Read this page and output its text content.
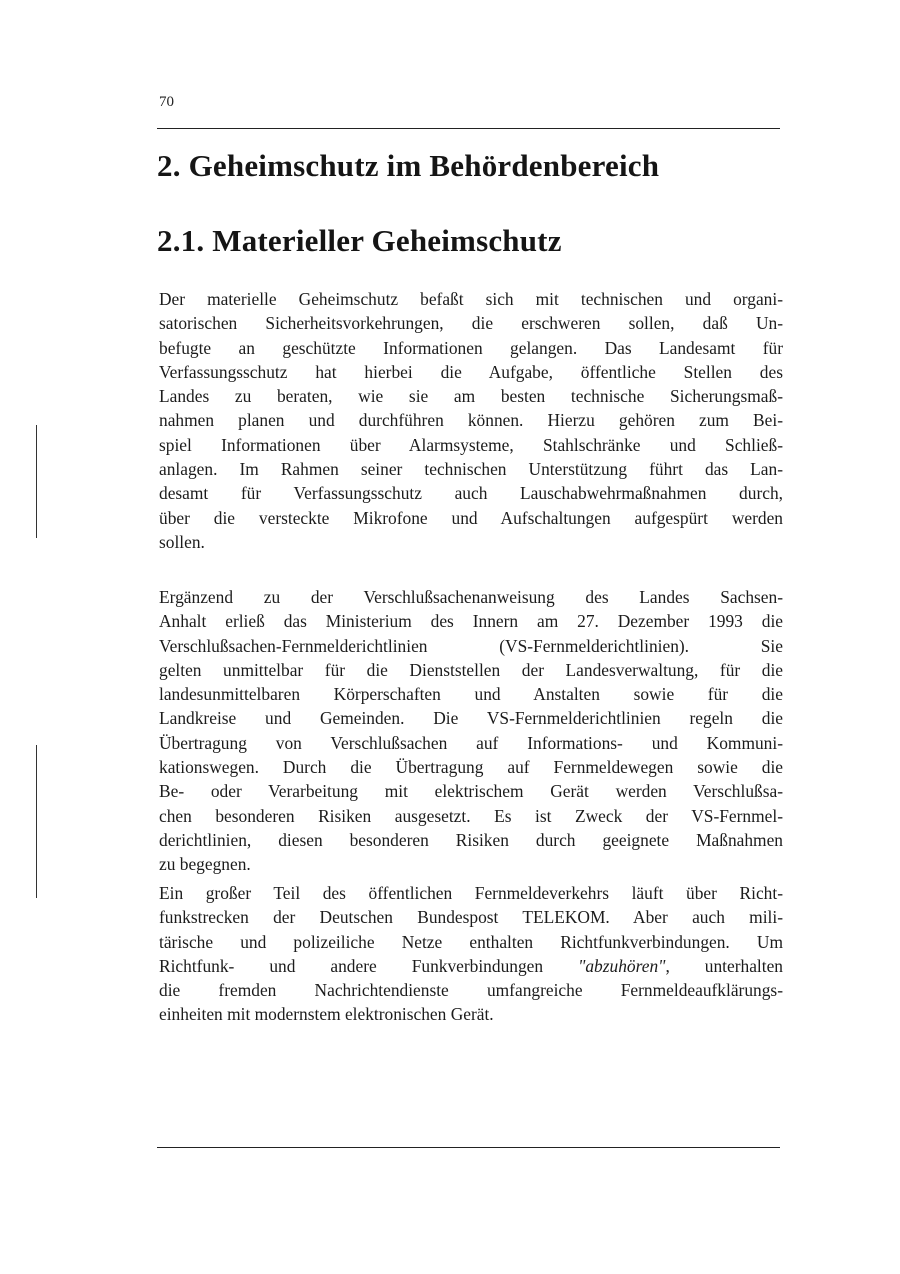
70
2. Geheimschutz im Behördenbereich
2.1. Materieller Geheimschutz
Der materielle Geheimschutz befaßt sich mit technischen und organi-
satorischen Sicherheitsvorkehrungen, die erschweren sollen, daß Un-
befugte an geschützte Informationen gelangen. Das Landesamt für
Verfassungsschutz hat hierbei die Aufgabe, öffentliche Stellen des
Landes zu beraten, wie sie am besten technische Sicherungsmaß-
nahmen planen und durchführen können. Hierzu gehören zum Bei-
spiel Informationen über Alarmsysteme, Stahlschränke und Schließ-
anlagen. Im Rahmen seiner technischen Unterstützung führt das Lan-
desamt für Verfassungsschutz auch Lauschabwehrmaßnahmen durch,
über die versteckte Mikrofone und Aufschaltungen aufgespürt werden
sollen.
Ergänzend zu der Verschlußsachenanweisung des Landes Sachsen-
Anhalt erließ das Ministerium des Innern am 27. Dezember 1993 die
Verschlußsachen-Fernmelderichtlinien (VS-Fernmelderichtlinien). Sie
gelten unmittelbar für die Dienststellen der Landesverwaltung, für die
landesunmittelbaren Körperschaften und Anstalten sowie für die
Landkreise und Gemeinden. Die VS-Fernmelderichtlinien regeln die
Übertragung von Verschlußsachen auf Informations- und Kommuni-
kationswegen. Durch die Übertragung auf Fernmeldewegen sowie die
Be- oder Verarbeitung mit elektrischem Gerät werden Verschlußsa-
chen besonderen Risiken ausgesetzt. Es ist Zweck der VS-Fernmel-
derichtlinien, diesen besonderen Risiken durch geeignete Maßnahmen
zu begegnen.
Ein großer Teil des öffentlichen Fernmeldeverkehrs läuft über Richt-
funkstrecken der Deutschen Bundespost TELEKOM. Aber auch mili-
tärische und polizeiliche Netze enthalten Richtfunkverbindungen. Um
Richtfunk- und andere Funkverbindungen "abzuhören", unterhalten
die fremden Nachrichtendienste umfangreiche Fernmeldeaufklärungs-
einheiten mit modernstem elektronischen Gerät.
